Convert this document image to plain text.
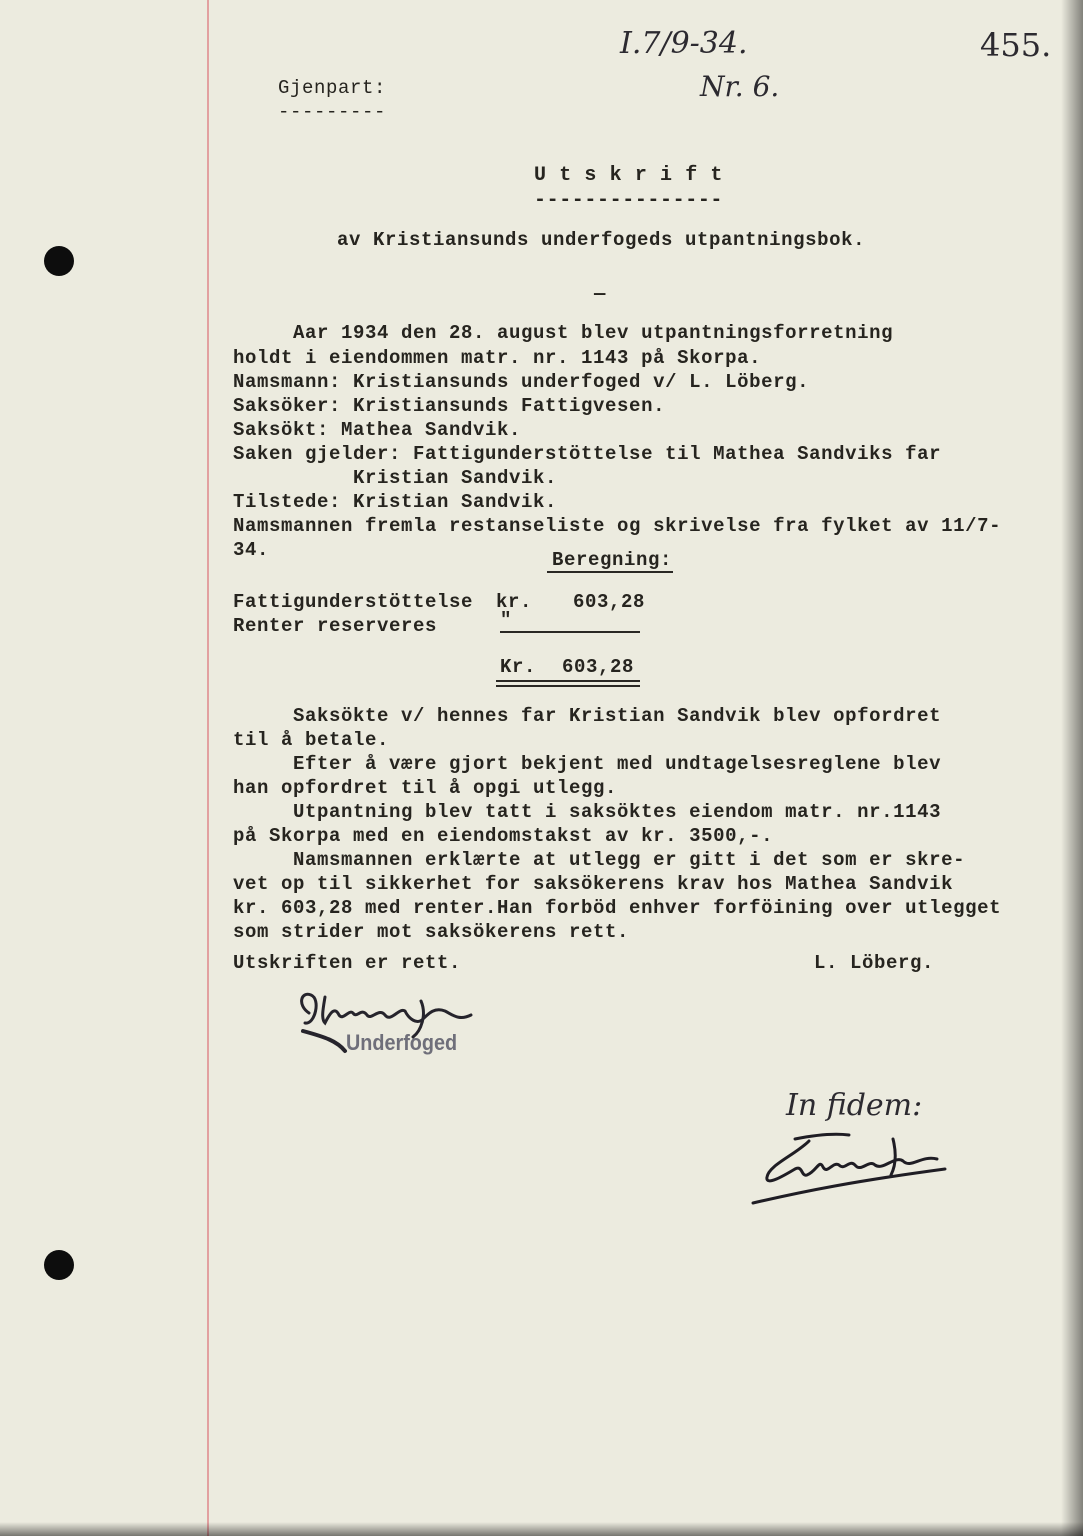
I.7/9-34.
Nr. 6.
455.
Gjenpart:
---------
U t s k r i f t
---------------
av Kristiansunds underfogeds utpantningsbok.
—
Aar 1934 den 28. august blev utpantningsforretning
holdt i eiendommen matr. nr. 1143 på Skorpa.
Namsmann: Kristiansunds underfoged v/ L. Löberg.
Saksöker: Kristiansunds Fattigvesen.
Saksökt: Mathea Sandvik.
Saken gjelder: Fattigunderstöttelse til Mathea Sandviks far
Kristian Sandvik.
Tilstede: Kristian Sandvik.
Namsmannen fremla restanseliste og skrivelse fra fylket av 11/7-
34.	Beregning:
Fattigunderstöttelse kr. 603,28
Renter reserveres	"
Kr. 603,28
Saksökte v/ hennes far Kristian Sandvik blev opfordret
til å betale.
Efter å være gjort bekjent med undtagelsesreglene blev
han opfordret til å opgi utlegg.
Utpantning blev tatt i saksöktes eiendom matr. nr.1143
på Skorpa med en eiendomstakst av kr. 3500,-.
Namsmannen erklærte at utlegg er gitt i det som er skre-
vet op til sikkerhet for saksökerens krav hos Mathea Sandvik
kr. 603,28 med renter.Han forböd enhver forföining over utlegget
som strider mot saksökerens rett.
Utskriften er rett.	L. Löberg.
Underfoged
In fidem:
